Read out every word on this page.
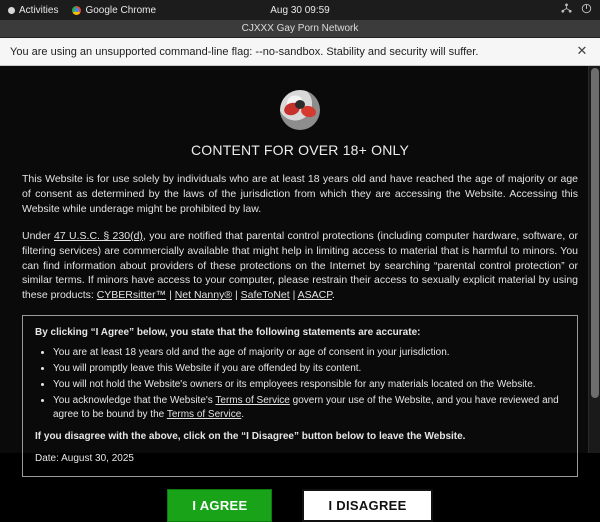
Activities	Google Chrome	Aug 30 09:59
CJXXX Gay Porn Network
You are using an unsupported command-line flag: --no-sandbox. Stability and security will suffer.	✕
CONTENT FOR OVER 18+ ONLY

This Website is for use solely by individuals who are at least 18 years old and have reached the age of majority or age of consent as determined by the laws of the jurisdiction from which they are accessing the Website. Accessing this Website while underage might be prohibited by law.

Under 47 U.S.C. § 230(d), you are notified that parental control protections (including computer hardware, software, or filtering services) are commercially available that might help in limiting access to material that is harmful to minors. You can find information about providers of these protections on the Internet by searching “parental control protection” or similar terms. If minors have access to your computer, please restrain their access to sexually explicit material by using these products: CYBERsitter™ | Net Nanny® | SafeToNet | ASACP.

By clicking “I Agree” below, you state that the following statements are accurate:

• You are at least 18 years old and the age of majority or age of consent in your jurisdiction.
• You will promptly leave this Website if you are offended by its content.
• You will not hold the Website's owners or its employees responsible for any materials located on the Website.
• You acknowledge that the Website's Terms of Service govern your use of the Website, and you have reviewed and agree to be bound by the Terms of Service.

If you disagree with the above, click on the “I Disagree” button below to leave the Website.

Date: August 30, 2025

I AGREE	I DISAGREE
